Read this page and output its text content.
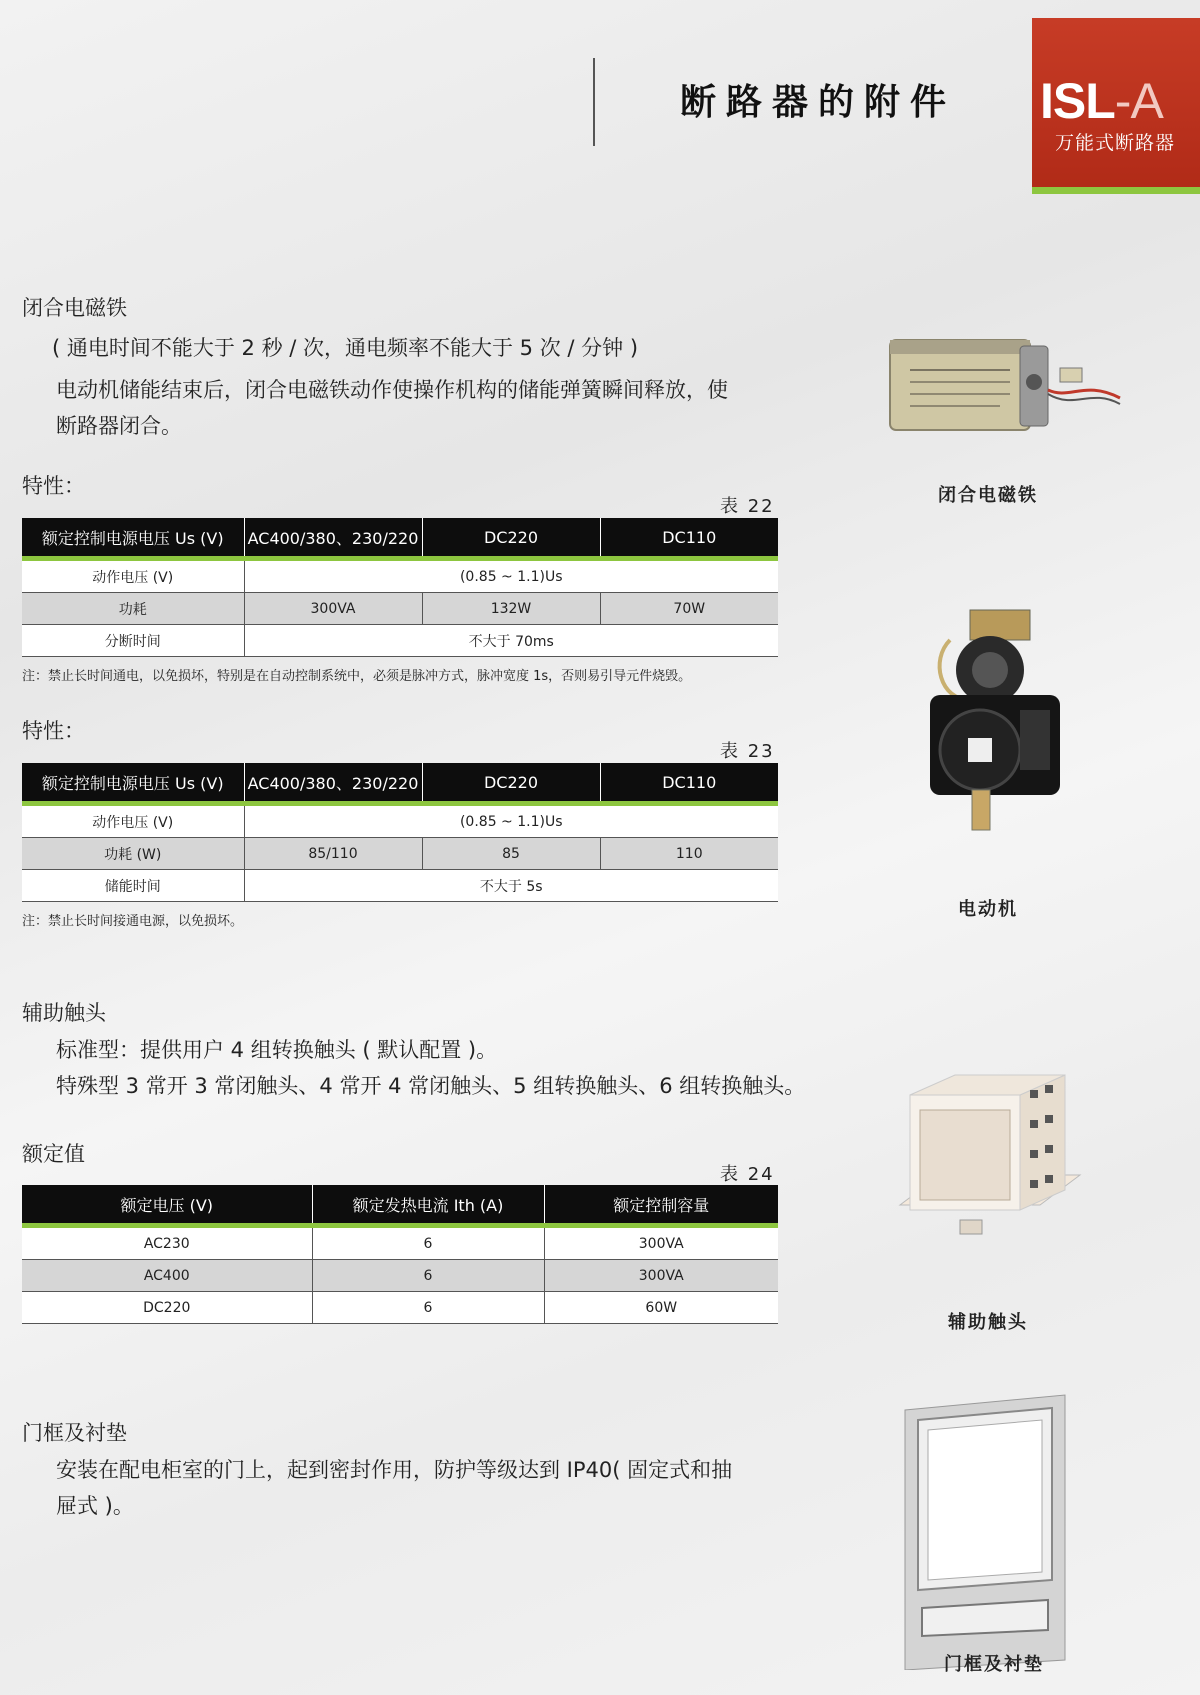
断路器的附件 ISL-A
万能式断路器
闭合电磁铁
( 通电时间不能大于 2 秒 / 次，通电频率不能大于 5 次 / 分钟 )
电动机储能结束后，闭合电磁铁动作使操作机构的储能弹簧瞬间释放，使
断路器闭合。
特性：
表 22
额定控制电源电压 Us (V)	AC400/380、230/220	DC220	DC110

动作电压 (V)	(0.85 ~ 1.1)Us		
功耗	300VA	132W	70W
分断时间	不大于 70ms		
注：禁止长时间通电，以免损坏，特别是在自动控制系统中，必须是脉冲方式，脉冲宽度 1s，否则易引导元件烧毁。
特性：
表 23
额定控制电源电压 Us (V)	AC400/380、230/220	DC220	DC110

动作电压 (V)	(0.85 ~ 1.1)Us		
功耗 (W)	85/110	85	110
储能时间	不大于 5s		
注：禁止长时间接通电源，以免损坏。
辅助触头
标准型：提供用户 4 组转换触头 ( 默认配置 )。
特殊型 3 常开 3 常闭触头、4 常开 4 常闭触头、5 组转换触头、6 组转换触头。
额定值
表 24
额定电压 (V)	额定发热电流 Ith (A)	额定控制容量

AC230	6	300VA
AC400	6	300VA
DC220	6	60W
门框及衬垫
安装在配电柜室的门上，起到密封作用，防护等级达到 IP40( 固定式和抽
屉式 )。
闭合电磁铁
电动机
辅助触头
门框及衬垫
